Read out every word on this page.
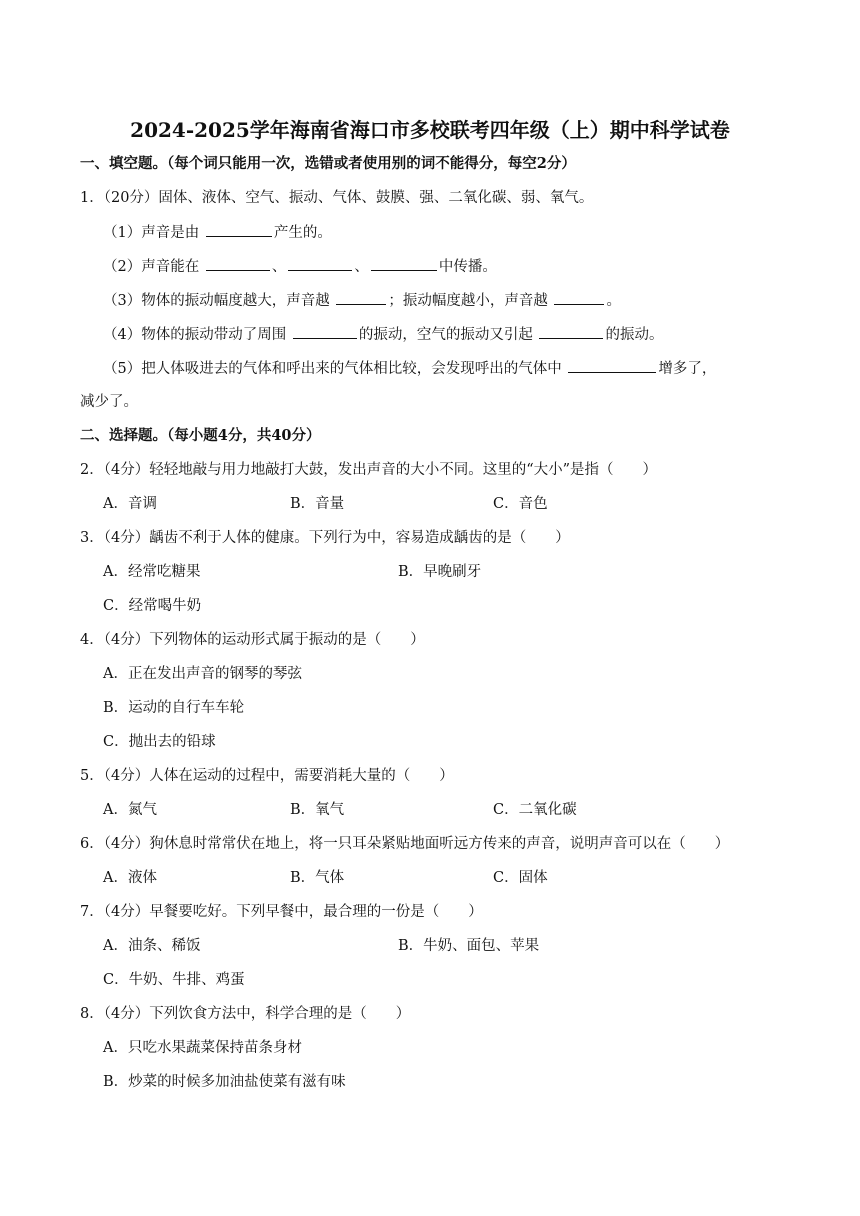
2024-2025学年海南省海口市多校联考四年级（上）期中科学试卷
一、填空题。（每个词只能用一次，选错或者使用别的词不能得分，每空2分）
1．（20分）固体、液体、空气、振动、气体、鼓膜、强、二氧化碳、弱、氧气。
（1）声音是由	产生的。
（2）声音能在	、	、	中传播。
（3）物体的振动幅度越大，声音越	；振动幅度越小，声音越	。
（4）物体的振动带动了周围	的振动，空气的振动又引起	的振动。
（5）把人体吸进去的气体和呼出来的气体相比较，会发现呼出的气体中	增多了，
减少了。
二、选择题。（每小题4分，共40分）
2．（4分）轻轻地敲与用力地敲打大鼓，发出声音的大小不同。这里的“大小”是指（　　）
A．音调	B．音量	C．音色
3．（4分）龋齿不利于人体的健康。下列行为中，容易造成龋齿的是（　　）
A．经常吃糖果	B．早晚刷牙
C．经常喝牛奶
4．（4分）下列物体的运动形式属于振动的是（　　）
A．正在发出声音的钢琴的琴弦
B．运动的自行车车轮
C．抛出去的铅球
5．（4分）人体在运动的过程中，需要消耗大量的（　　）
A．氮气	B．氧气	C．二氧化碳
6．（4分）狗休息时常常伏在地上，将一只耳朵紧贴地面听远方传来的声音，说明声音可以在（　　）
A．液体	B．气体	C．固体
7．（4分）早餐要吃好。下列早餐中，最合理的一份是（　　）
A．油条、稀饭	B．牛奶、面包、苹果
C．牛奶、牛排、鸡蛋
8．（4分）下列饮食方法中，科学合理的是（　　）
A．只吃水果蔬菜保持苗条身材
B．炒菜的时候多加油盐使菜有滋有味
